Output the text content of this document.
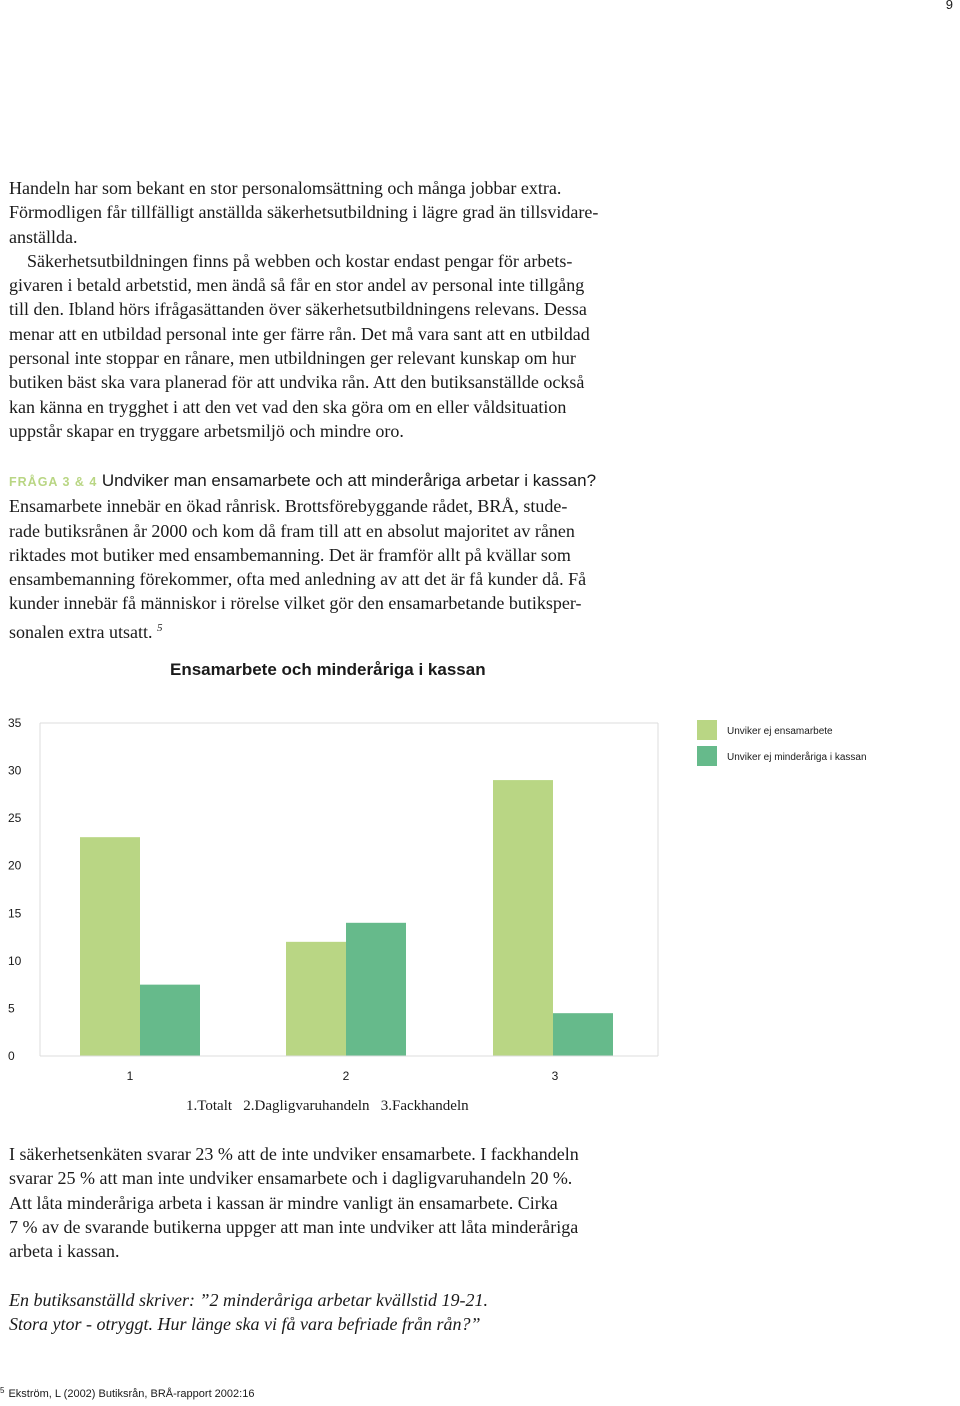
9
Handeln har som bekant en stor personalomsättning och många jobbar extra.
Förmodligen får tillfälligt anställda säkerhetsutbildning i lägre grad än tillsvidare-
anställda.
Säkerhetsutbildningen finns på webben och kostar endast pengar för arbets-
givaren i betald arbetstid, men ändå så får en stor andel av personal inte tillgång
till den. Ibland hörs ifrågasättanden över säkerhetsutbildningens relevans. Dessa
menar att en utbildad personal inte ger färre rån. Det må vara sant att en utbildad
personal inte stoppar en rånare, men utbildningen ger relevant kunskap om hur
butiken bäst ska vara planerad för att undvika rån. Att den butiksanställde också
kan känna en trygghet i att den vet vad den ska göra om en eller våldsituation
uppstår skapar en tryggare arbetsmiljö och mindre oro.
FRÅGA 3 & 4 Undviker man ensamarbete och att minderåriga arbetar i kassan?
Ensamarbete innebär en ökad rånrisk. Brottsförebyggande rådet, BRÅ, stude-
rade butiksrånen år 2000 och kom då fram till att en absolut majoritet av rånen
riktades mot butiker med ensambemanning. Det är framför allt på kvällar som
ensambemanning förekommer, ofta med anledning av att det är få kunder då. Få
kunder innebär få människor i rörelse vilket gör den ensamarbetande butiksper-
sonalen extra utsatt. $^5$
Ensamarbete och minderåriga i kassan
0
5
10
15
20
25
30
35
1	2	3
Unviker ej ensamarbete
Unviker ej minderåriga i kassan
1.Totalt   2.Dagligvaruhandeln   3.Fackhandeln
I säkerhetsenkäten svarar 23 % att de inte undviker ensamarbete. I fackhandeln
svarar 25 % att man inte undviker ensamarbete och i dagligvaruhandeln 20 %.
Att låta minderåriga arbeta i kassan är mindre vanligt än ensamarbete. Cirka
7 % av de svarande butikerna uppger att man inte undviker att låta minderåriga
arbeta i kassan.
En butiksanställd skriver: ”2 minderåriga arbetar kvällstid 19-21.
Stora ytor - otryggt. Hur länge ska vi få vara befriade från rån?”
$^5$ Ekström, L (2002) Butiksrån, BRÅ-rapport 2002:16
